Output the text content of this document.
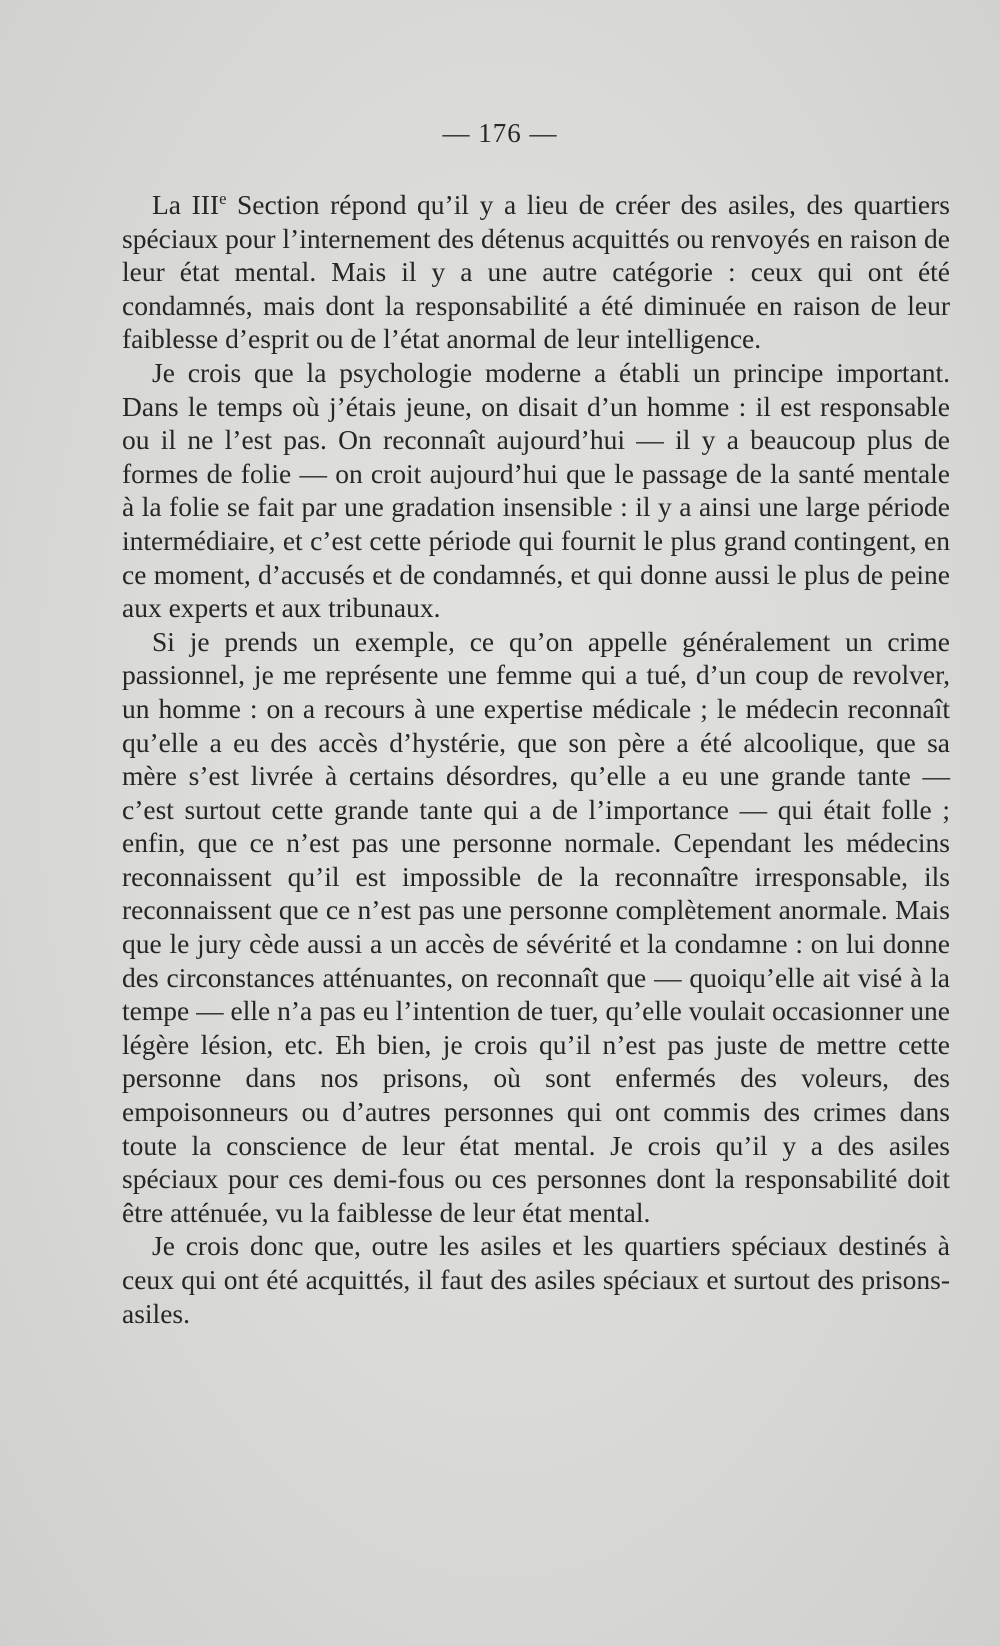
— 176 —

La IIIe Section répond qu’il y a lieu de créer des asiles, des quartiers spéciaux pour l’internement des détenus acquittés ou renvoyés en raison de leur état mental. Mais il y a une autre catégorie : ceux qui ont été condamnés, mais dont la responsabilité a été diminuée en raison de leur faiblesse d’esprit ou de l’état anormal de leur intelligence.

Je crois que la psychologie moderne a établi un principe important. Dans le temps où j’étais jeune, on disait d’un homme : il est responsable ou il ne l’est pas. On reconnaît aujourd’hui — il y a beaucoup plus de formes de folie — on croit aujourd’hui que le passage de la santé mentale à la folie se fait par une gradation insensible : il y a ainsi une large période intermédiaire, et c’est cette période qui fournit le plus grand contingent, en ce moment, d’accusés et de condamnés, et qui donne aussi le plus de peine aux experts et aux tribunaux.

Si je prends un exemple, ce qu’on appelle généralement un crime passionnel, je me représente une femme qui a tué, d’un coup de revolver, un homme : on a recours à une expertise médicale ; le médecin reconnaît qu’elle a eu des accès d’hystérie, que son père a été alcoolique, que sa mère s’est livrée à certains désordres, qu’elle a eu une grande tante — c’est surtout cette grande tante qui a de l’importance — qui était folle ; enfin, que ce n’est pas une personne normale. Cependant les médecins reconnaissent qu’il est impossible de la reconnaître irresponsable, ils reconnaissent que ce n’est pas une personne complètement anormale. Mais que le jury cède aussi a un accès de sévérité et la condamne : on lui donne des circonstances atténuantes, on reconnaît que — quoiqu’elle ait visé à la tempe — elle n’a pas eu l’intention de tuer, qu’elle voulait occasionner une légère lésion, etc. Eh bien, je crois qu’il n’est pas juste de mettre cette personne dans nos prisons, où sont enfermés des voleurs, des empoisonneurs ou d’autres personnes qui ont commis des crimes dans toute la conscience de leur état mental. Je crois qu’il y a des asiles spéciaux pour ces demi-fous ou ces personnes dont la responsabilité doit être atténuée, vu la faiblesse de leur état mental.

Je crois donc que, outre les asiles et les quartiers spéciaux destinés à ceux qui ont été acquittés, il faut des asiles spéciaux et surtout des prisons-asiles.
